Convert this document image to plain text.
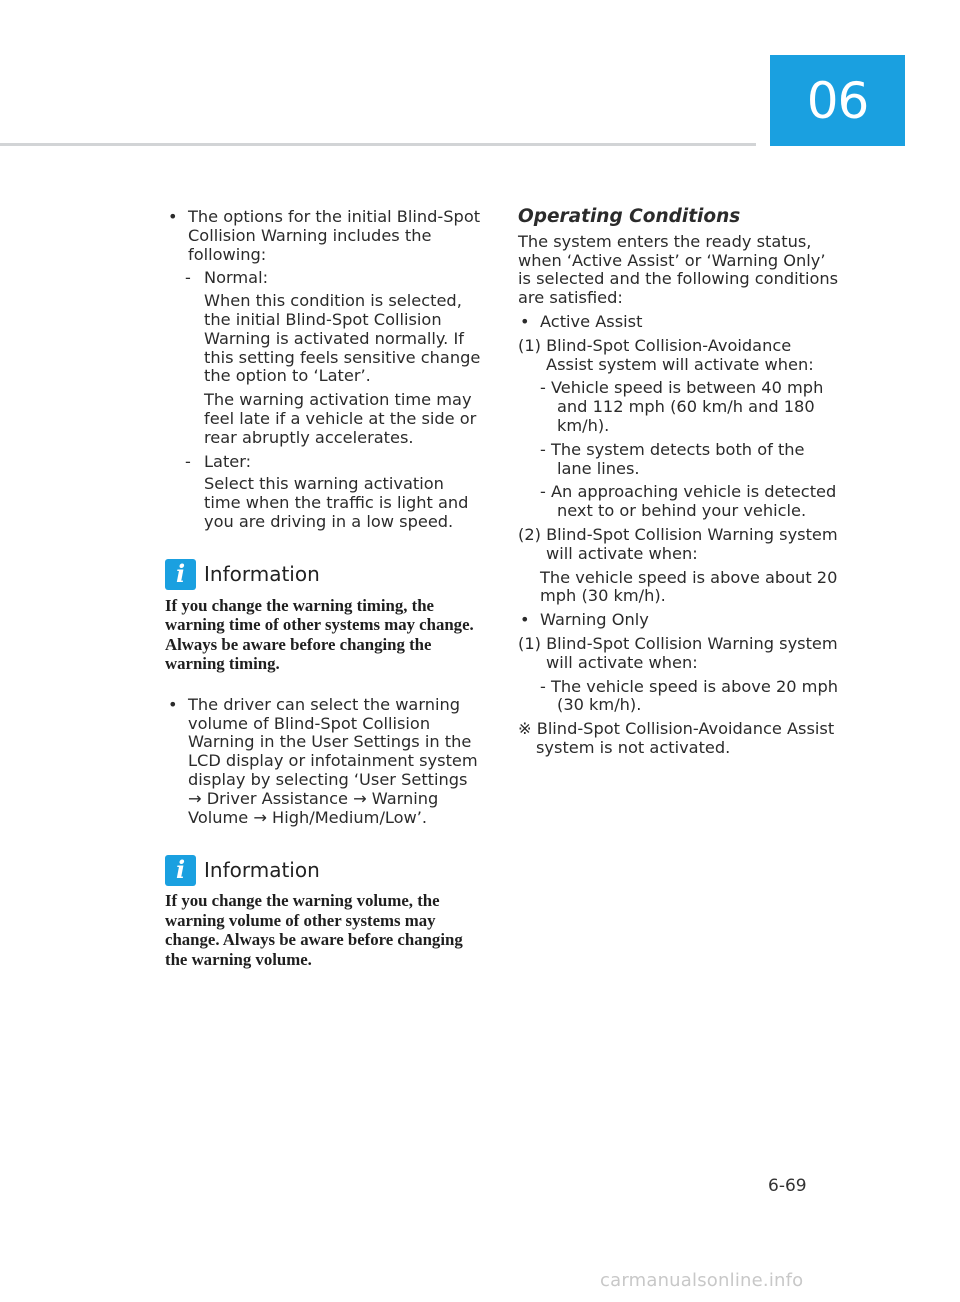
06
• The options for the initial Blind-Spot Collision Warning includes the following:
- Normal:
When this condition is selected, the initial Blind-Spot Collision Warning is activated normally. If this setting feels sensitive change the option to ‘Later’.
The warning activation time may feel late if a vehicle at the side or rear abruptly accelerates.
- Later:
Select this warning activation time when the traffic is light and you are driving in a low speed.
i Information
If you change the warning timing, the warning time of other systems may change. Always be aware before changing the warning timing.
• The driver can select the warning volume of Blind-Spot Collision Warning in the User Settings in the LCD display or infotainment system display by selecting ‘User Settings → Driver Assistance → Warning Volume → High/Medium/Low’.
i Information
If you change the warning volume, the warning volume of other systems may change. Always be aware before changing the warning volume.
Operating Conditions
The system enters the ready status, when ‘Active Assist’ or ‘Warning Only’ is selected and the following conditions are satisfied:
• Active Assist
(1) Blind-Spot Collision-Avoidance Assist system will activate when:
- Vehicle speed is between 40 mph and 112 mph (60 km/h and 180 km/h).
- The system detects both of the lane lines.
- An approaching vehicle is detected next to or behind your vehicle.
(2) Blind-Spot Collision Warning system will activate when:
The vehicle speed is above about 20 mph (30 km/h).
• Warning Only
(1) Blind-Spot Collision Warning system will activate when:
- The vehicle speed is above 20 mph (30 km/h).
※ Blind-Spot Collision-Avoidance Assist system is not activated.
6-69
carmanualsonline.info
